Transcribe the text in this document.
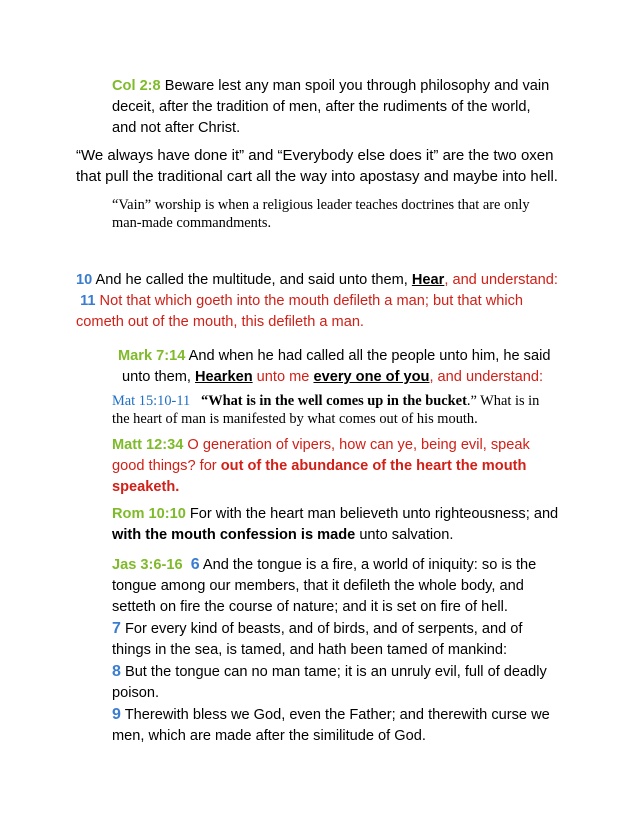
Col 2:8 Beware lest any man spoil you through philosophy and vain
deceit, after the tradition of men, after the rudiments of the world,
and not after Christ.
“We always have done it” and “Everybody else does it” are the two oxen
that pull the traditional cart all the way into apostasy and maybe into hell.
“Vain” worship is when a religious leader teaches doctrines that are only
man-made commandments.
10 And he called the multitude, and said unto them, Hear, and understand:
11 Not that which goeth into the mouth defileth a man; but that which
cometh out of the mouth, this defileth a man.
Mark 7:14 And when he had called all the people unto him, he said
unto them, Hearken unto me every one of you, and understand:
Mat 15:10-11 “What is in the well comes up in the bucket.” What is in
the heart of man is manifested by what comes out of his mouth.
Matt 12:34 O generation of vipers, how can ye, being evil, speak
good things? for out of the abundance of the heart the mouth
speaketh.
Rom 10:10 For with the heart man believeth unto righteousness; and
with the mouth confession is made unto salvation.
Jas 3:6-16 6 And the tongue is a fire, a world of iniquity: so is the
tongue among our members, that it defileth the whole body, and
setteth on fire the course of nature; and it is set on fire of hell.
7 For every kind of beasts, and of birds, and of serpents, and of
things in the sea, is tamed, and hath been tamed of mankind:
8 But the tongue can no man tame; it is an unruly evil, full of deadly
poison.
9 Therewith bless we God, even the Father; and therewith curse we
men, which are made after the similitude of God.
